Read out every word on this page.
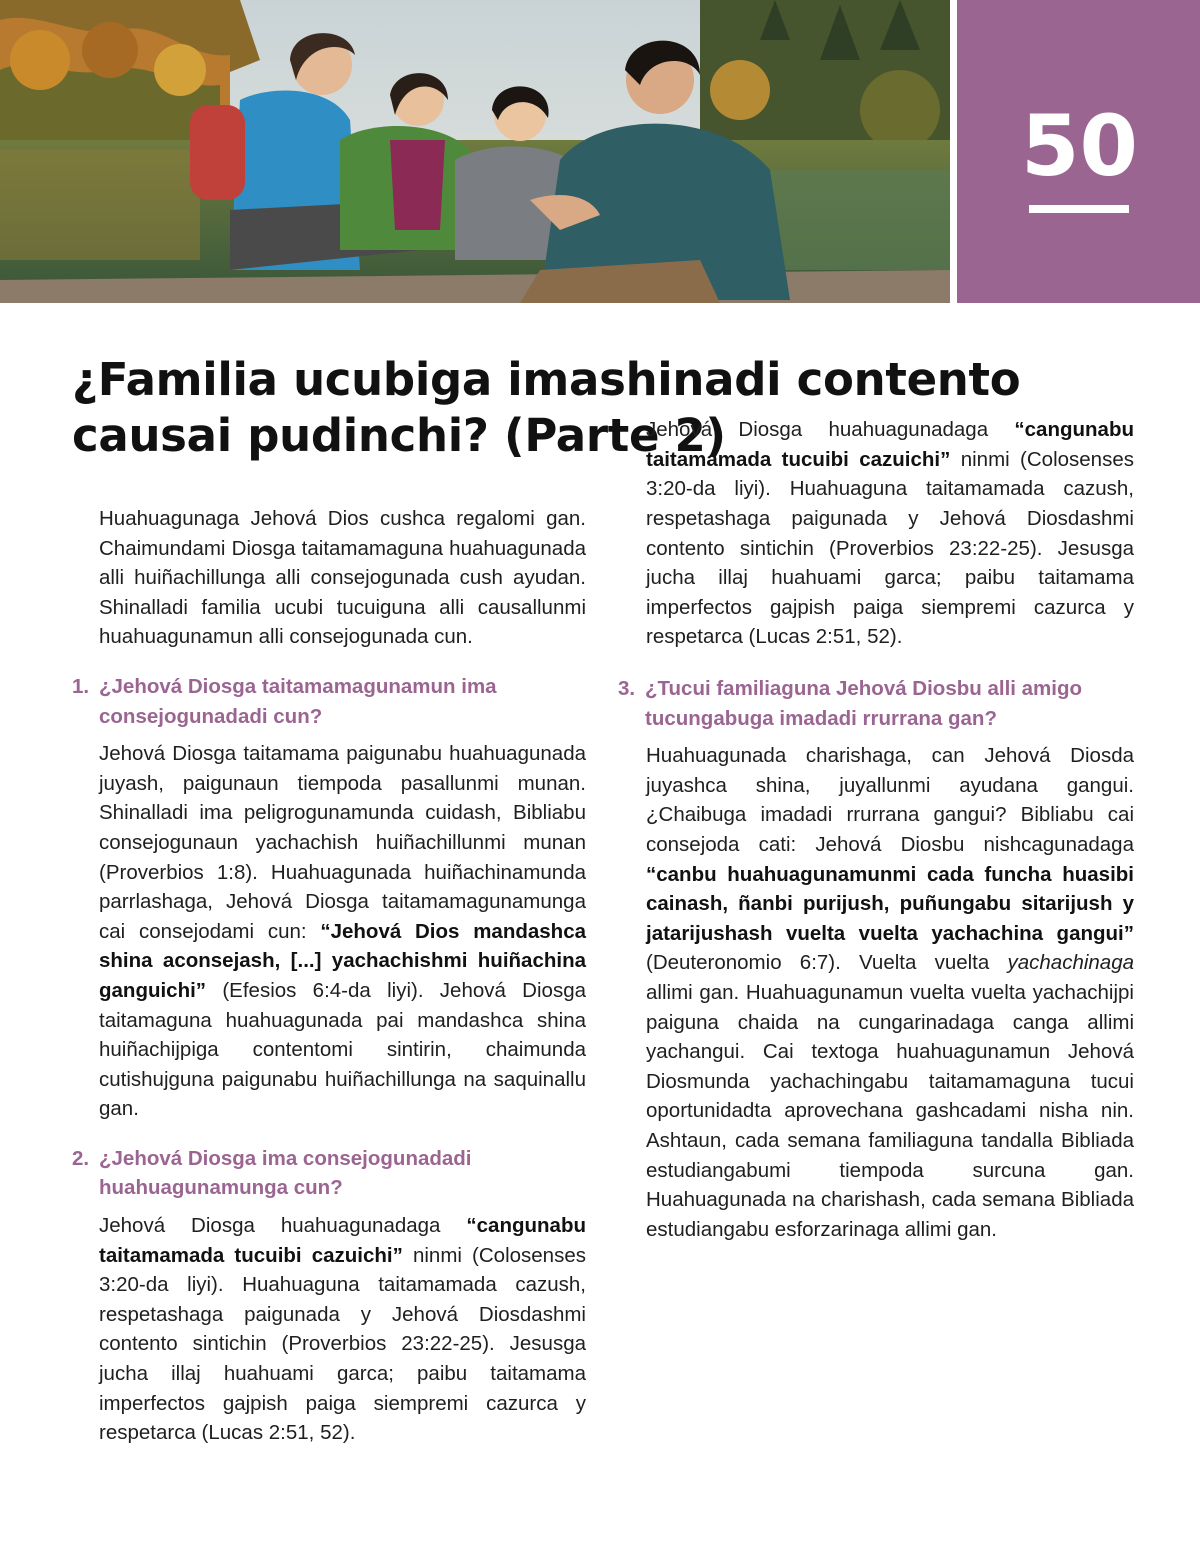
50
¿Familia ucubiga imashinadi contento causai pudinchi? (Parte 2)

Huahuagunaga Jehová Dios cushca regalomi gan. Chaimundami Diosga taitamamaguna huahuagunada alli huiñachillunga alli consejogunada cush ayudan. Shinalladi familia ucubi tucuiguna alli causallunmi huahuagunamun alli consejogunada cun.

1. ¿Jehová Diosga taitamamagunamun ima consejogunadadi cun?

Jehová Diosga taitamama paigunabu huahuagunada juyash, paigunaun tiempoda pasallunmi munan. Shinalladi ima peligrogunamunda cuidash, Bibliabu consejogunaun yachachish huiñachillunmi munan (Proverbios 1:8). Huahuagunada huiñachinamunda parrlashaga, Jehová Diosga taitamamagunamunga cai consejodami cun: “Jehová Dios mandashca shina aconsejash, [...] yachachishmi huiñachina ganguichi” (Efesios 6:4-da liyi). Jehová Diosga taitamaguna huahuagunada pai mandashca shina huiñachijpiga contentomi sintirin, chaimunda cutishujguna paigunabu huiñachillunga na saquinallu gan.

2. ¿Jehová Diosga ima consejogunadadi huahuagunamunga cun?

Jehová Diosga huahuagunadaga “cangunabu taitamamada tucuibi cazuichi” ninmi (Colosenses 3:20-da liyi). Huahuaguna taitamamada cazush, respetashaga paigunada y Jehová Diosdashmi contento sintichin (Proverbios 23:22-25). Jesusga jucha illaj huahuami garca; paibu taitamama imperfectos gajpish paiga siempremi cazurca y respetarca (Lucas 2:51, 52).

Jehová Diosga huahuagunadaga “cangunabu taitamamada tucuibi cazuichi” ninmi (Colosenses 3:20-da liyi). Huahuaguna taitamamada cazush, respetashaga paigunada y Jehová Diosdashmi contento sintichin (Proverbios 23:22-25). Jesusga jucha illaj huahuami garca; paibu taitamama imperfectos gajpish paiga siempremi cazurca y respetarca (Lucas 2:51, 52).

3. ¿Tucui familiaguna Jehová Diosbu alli amigo tucungabuga imadadi rrurrana gan?

Huahuagunada charishaga, can Jehová Diosda juyashca shina, juyallunmi ayudana gangui. ¿Chaibuga imadadi rrurrana gangui? Bibliabu cai consejoda cati: Jehová Diosbu nishcagunadaga “canbu huahuagunamunmi cada funcha huasibi cainash, ñanbi purijush, puñungabu sitarijush y jatarijushash vuelta vuelta yachachina gangui” (Deuteronomio 6:7). Vuelta vuelta yachachinaga allimi gan. Huahuagunamun vuelta vuelta yachachijpi paiguna chaida na cungarinadaga canga allimi yachangui. Cai textoga huahuagunamun Jehová Diosmunda yachachingabu taitamamaguna tucui oportunidadta aprovechana gashcadami nisha nin. Ashtaun, cada semana familiaguna tandalla Bibliada estudiangabumi tiempoda surcuna gan. Huahuagunada na charishash, cada semana Bibliada estudiangabu esforzarinaga allimi gan.
